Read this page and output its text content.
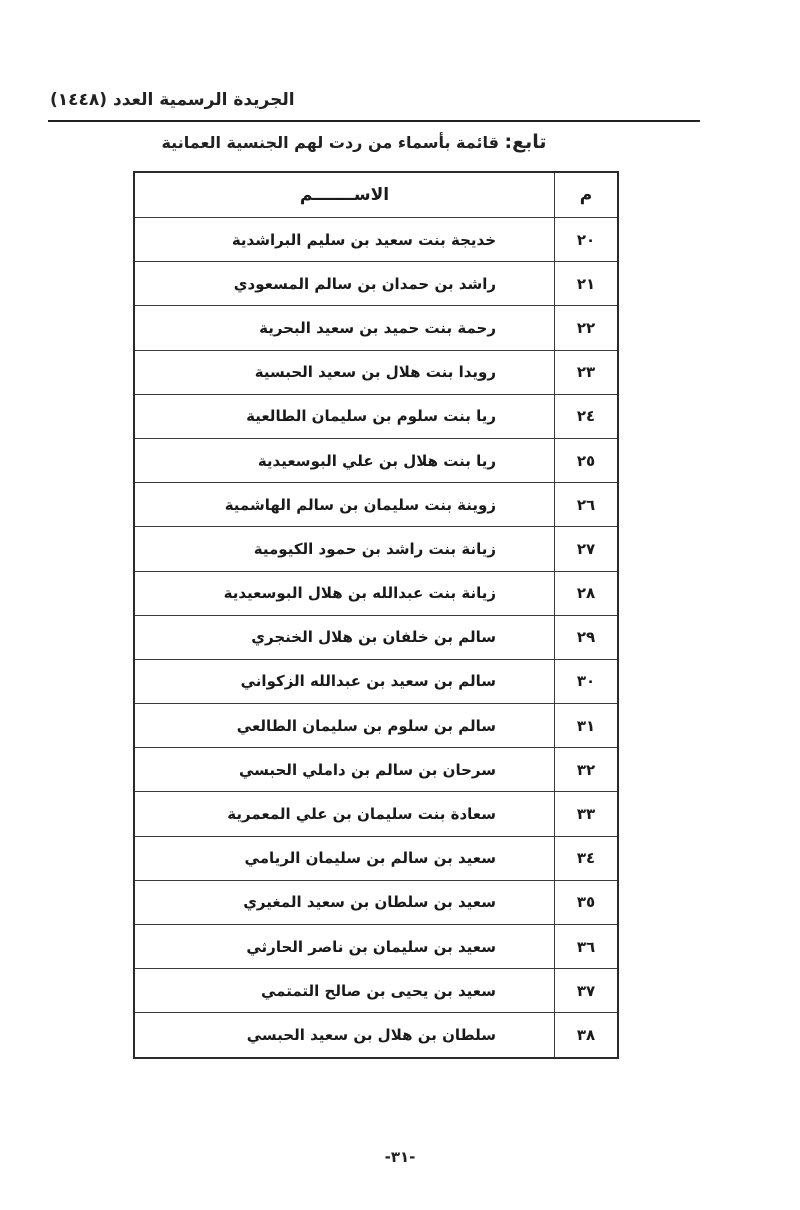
الجريدة الرسمية العدد (١٤٤٨)
تابع: قائمة بأسماء من ردت لهم الجنسية العمانية
م	الاســـــــم
٢٠	خديجة بنت سعيد بن سليم البراشدية
٢١	راشد بن حمدان بن سالم المسعودي
٢٢	رحمة بنت حميد بن سعيد البحرية
٢٣	رويدا بنت هلال بن سعيد الحبسية
٢٤	ريا بنت سلوم بن سليمان الطالعية
٢٥	ريا بنت هلال بن علي البوسعيدية
٢٦	زوينة بنت سليمان بن سالم الهاشمية
٢٧	زيانة بنت راشد بن حمود الكيومية
٢٨	زيانة بنت عبدالله بن هلال البوسعيدية
٢٩	سالم بن خلفان بن هلال الخنجري
٣٠	سالم بن سعيد بن عبدالله الزكواني
٣١	سالم بن سلوم بن سليمان الطالعي
٣٢	سرحان بن سالم بن داملي الحبسي
٣٣	سعادة بنت سليمان بن علي المعمرية
٣٤	سعيد بن سالم بن سليمان الريامي
٣٥	سعيد بن سلطان بن سعيد المغيري
٣٦	سعيد بن سليمان بن ناصر الحارثي
٣٧	سعيد بن يحيى بن صالح التمتمي
٣٨	سلطان بن هلال بن سعيد الحبسي
-٣١-
